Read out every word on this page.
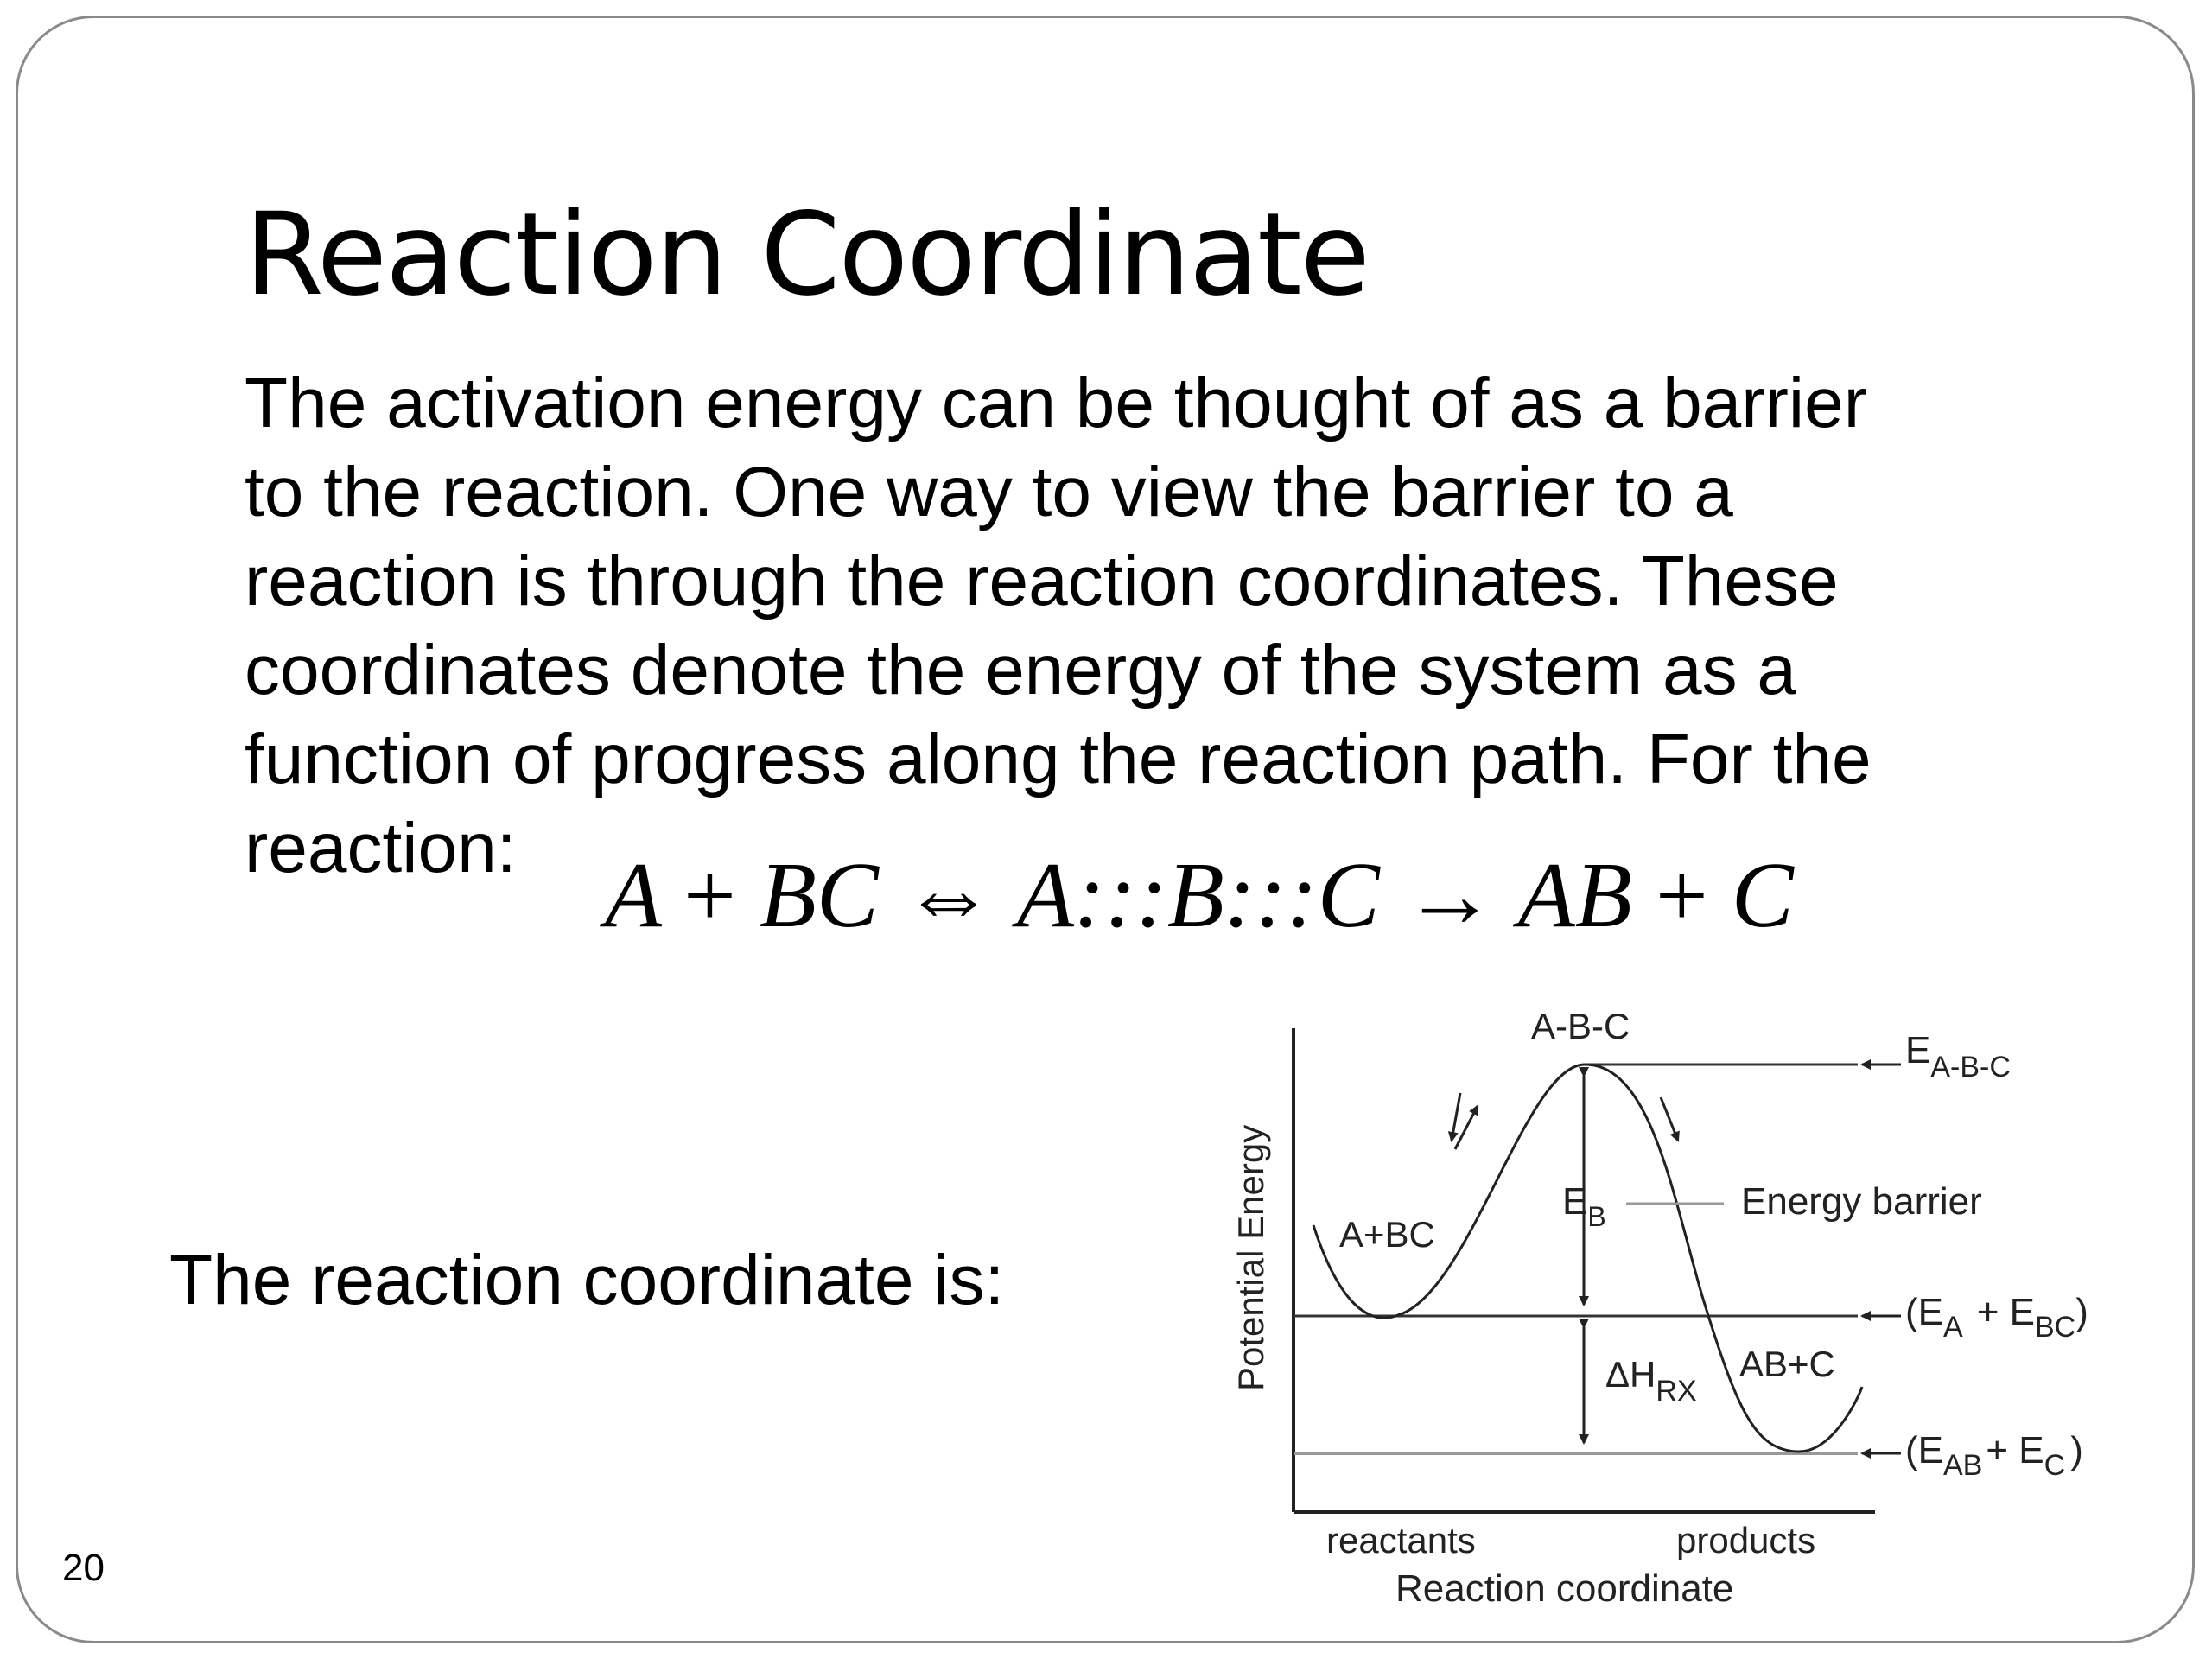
Reaction Coordinate
The activation energy can be thought of as a barrier
to the reaction. One way to view the barrier to a
reaction is through the reaction coordinates. These
coordinates denote the energy of the system as a
function of progress along the reaction path. For the
reaction: A + BC ⇔ A:::B:::C → AB + C
The reaction coordinate is:
20
A-B-C
A+BC
AB+C
$E_B$	Energy barrier
$\Delta H_{RX}$
$E_{A-B-C}$
$(E_A + E_{BC})$
($E_{AB}+ E_C$ )
reactants	products
Reaction coordinate
Potential Energy
